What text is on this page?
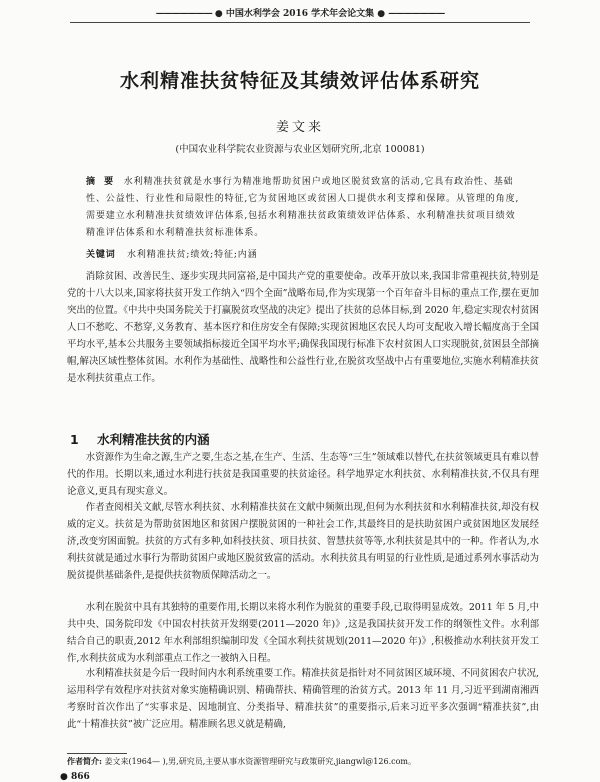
——————— ● 中国水利学会 2016 学术年会论文集 ● ———————
水利精准扶贫特征及其绩效评估体系研究
姜文来
(中国农业科学院农业资源与农业区划研究所,北京 100081)
摘 要 水利精准扶贫就是水事行为精准地帮助贫困户或地区脱贫致富的活动,它具有政治性、基础性、公益性、行业性和局限性的特征,它为贫困地区或贫困人口提供水利支撑和保障。从管理的角度,需要建立水利精准扶贫绩效评估体系,包括水利精准扶贫政策绩效评估体系、水利精准扶贫项目绩效精准评估体系和水利精准扶贫标准体系。
关键词 水利精准扶贫;绩效;特征;内涵
消除贫困、改善民生、逐步实现共同富裕,是中国共产党的重要使命。改革开放以来,我国非常重视扶贫,特别是党的十八大以来,国家将扶贫开发工作纳入“四个全面”战略布局,作为实现第一个百年奋斗目标的重点工作,摆在更加突出的位置。《中共中央国务院关于打赢脱贫攻坚战的决定》提出了扶贫的总体目标,到 2020 年,稳定实现农村贫困人口不愁吃、不愁穿,义务教育、基本医疗和住房安全有保障;实现贫困地区农民人均可支配收入增长幅度高于全国平均水平,基本公共服务主要领域指标接近全国平均水平;确保我国现行标准下农村贫困人口实现脱贫,贫困县全部摘帽,解决区域性整体贫困。水利作为基础性、战略性和公益性行业,在脱贫攻坚战中占有重要地位,实施水利精准扶贫是水利扶贫重点工作。
1 水利精准扶贫的内涵
水资源作为生命之源,生产之要,生态之基,在生产、生活、生态等“三生”领域难以替代,在扶贫领域更具有难以替代的作用。长期以来,通过水利进行扶贫是我国重要的扶贫途径。科学地界定水利扶贫、水利精准扶贫,不仅具有理论意义,更具有现实意义。
作者查阅相关文献,尽管水利扶贫、水利精准扶贫在文献中频频出现,但何为水利扶贫和水利精准扶贫,却没有权威的定义。扶贫是为帮助贫困地区和贫困户摆脱贫困的一种社会工作,其最终目的是扶助贫困户或贫困地区发展经济,改变穷困面貌。扶贫的方式有多种,如科技扶贫、项目扶贫、智慧扶贫等等,水利扶贫是其中的一种。作者认为,水利扶贫就是通过水事行为帮助贫困户或地区脱贫致富的活动。水利扶贫具有明显的行业性质,是通过系列水事活动为脱贫提供基础条件,是提供扶贫物质保障活动之一。
水利在脱贫中具有其独特的重要作用,长期以来将水利作为脱贫的重要手段,已取得明显成效。2011 年 5 月,中共中央、国务院印发《中国农村扶贫开发纲要(2011—2020 年)》,这是我国扶贫开发工作的纲领性文件。水利部结合自己的职责,2012 年水利部组织编制印发《全国水利扶贫规划(2011—2020 年)》,积极推动水利扶贫开发工作,水利扶贫成为水利部重点工作之一被纳入日程。
水利精准扶贫是今后一段时间内水利系统重要工作。精准扶贫是指针对不同贫困区域环境、不同贫困农户状况,运用科学有效程序对扶贫对象实施精确识别、精确帮扶、精确管理的治贫方式。2013 年 11 月,习近平到湖南湘西考察时首次作出了“实事求是、因地制宜、分类指导、精准扶贫”的重要指示,后来习近平多次强调“精准扶贫”,由此“十精准扶贫”被广泛应用。精准顾名思义就是精确,
作者简介: 姜文来(1964— ),男,研究员,主要从事水资源管理研究与政策研究,jiangwl@126.com。
● 866
